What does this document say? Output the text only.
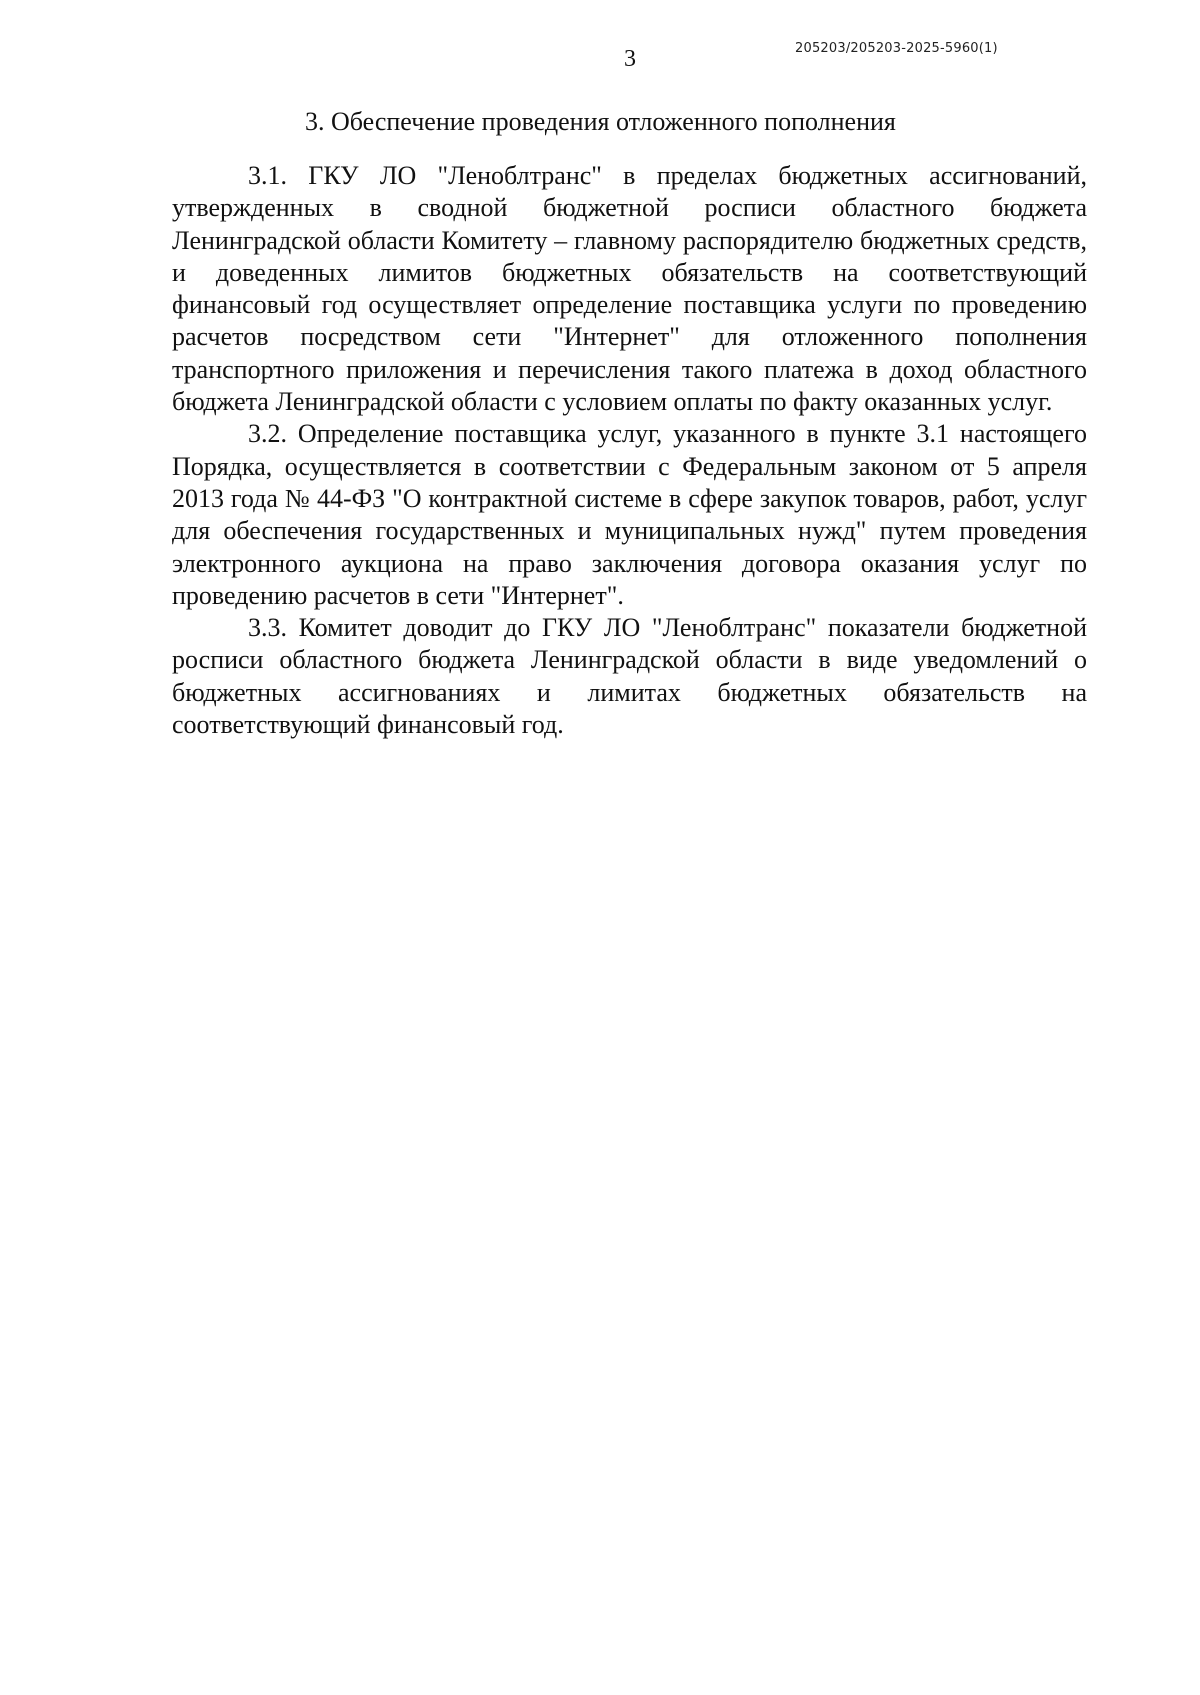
3	205203/205203-2025-5960(1)
3. Обеспечение проведения отложенного пополнения

3.1. ГКУ ЛО "Леноблтранс" в пределах бюджетных ассигнований, утвержденных в сводной бюджетной росписи областного бюджета Ленинградской области Комитету – главному распорядителю бюджетных средств, и доведенных лимитов бюджетных обязательств на соответствующий финансовый год осуществляет определение поставщика услуги по проведению расчетов посредством сети "Интернет" для отложенного пополнения транспортного приложения и перечисления такого платежа в доход областного бюджета Ленинградской области с условием оплаты по факту оказанных услуг.

3.2. Определение поставщика услуг, указанного в пункте 3.1 настоящего Порядка, осуществляется в соответствии с Федеральным законом от 5 апреля 2013 года № 44-ФЗ "О контрактной системе в сфере закупок товаров, работ, услуг для обеспечения государственных и муниципальных нужд" путем проведения электронного аукциона на право заключения договора оказания услуг по проведению расчетов в сети "Интернет".

3.3. Комитет доводит до ГКУ ЛО "Леноблтранс" показатели бюджетной росписи областного бюджета Ленинградской области в виде уведомлений о бюджетных ассигнованиях и лимитах бюджетных обязательств на соответствующий финансовый год.
